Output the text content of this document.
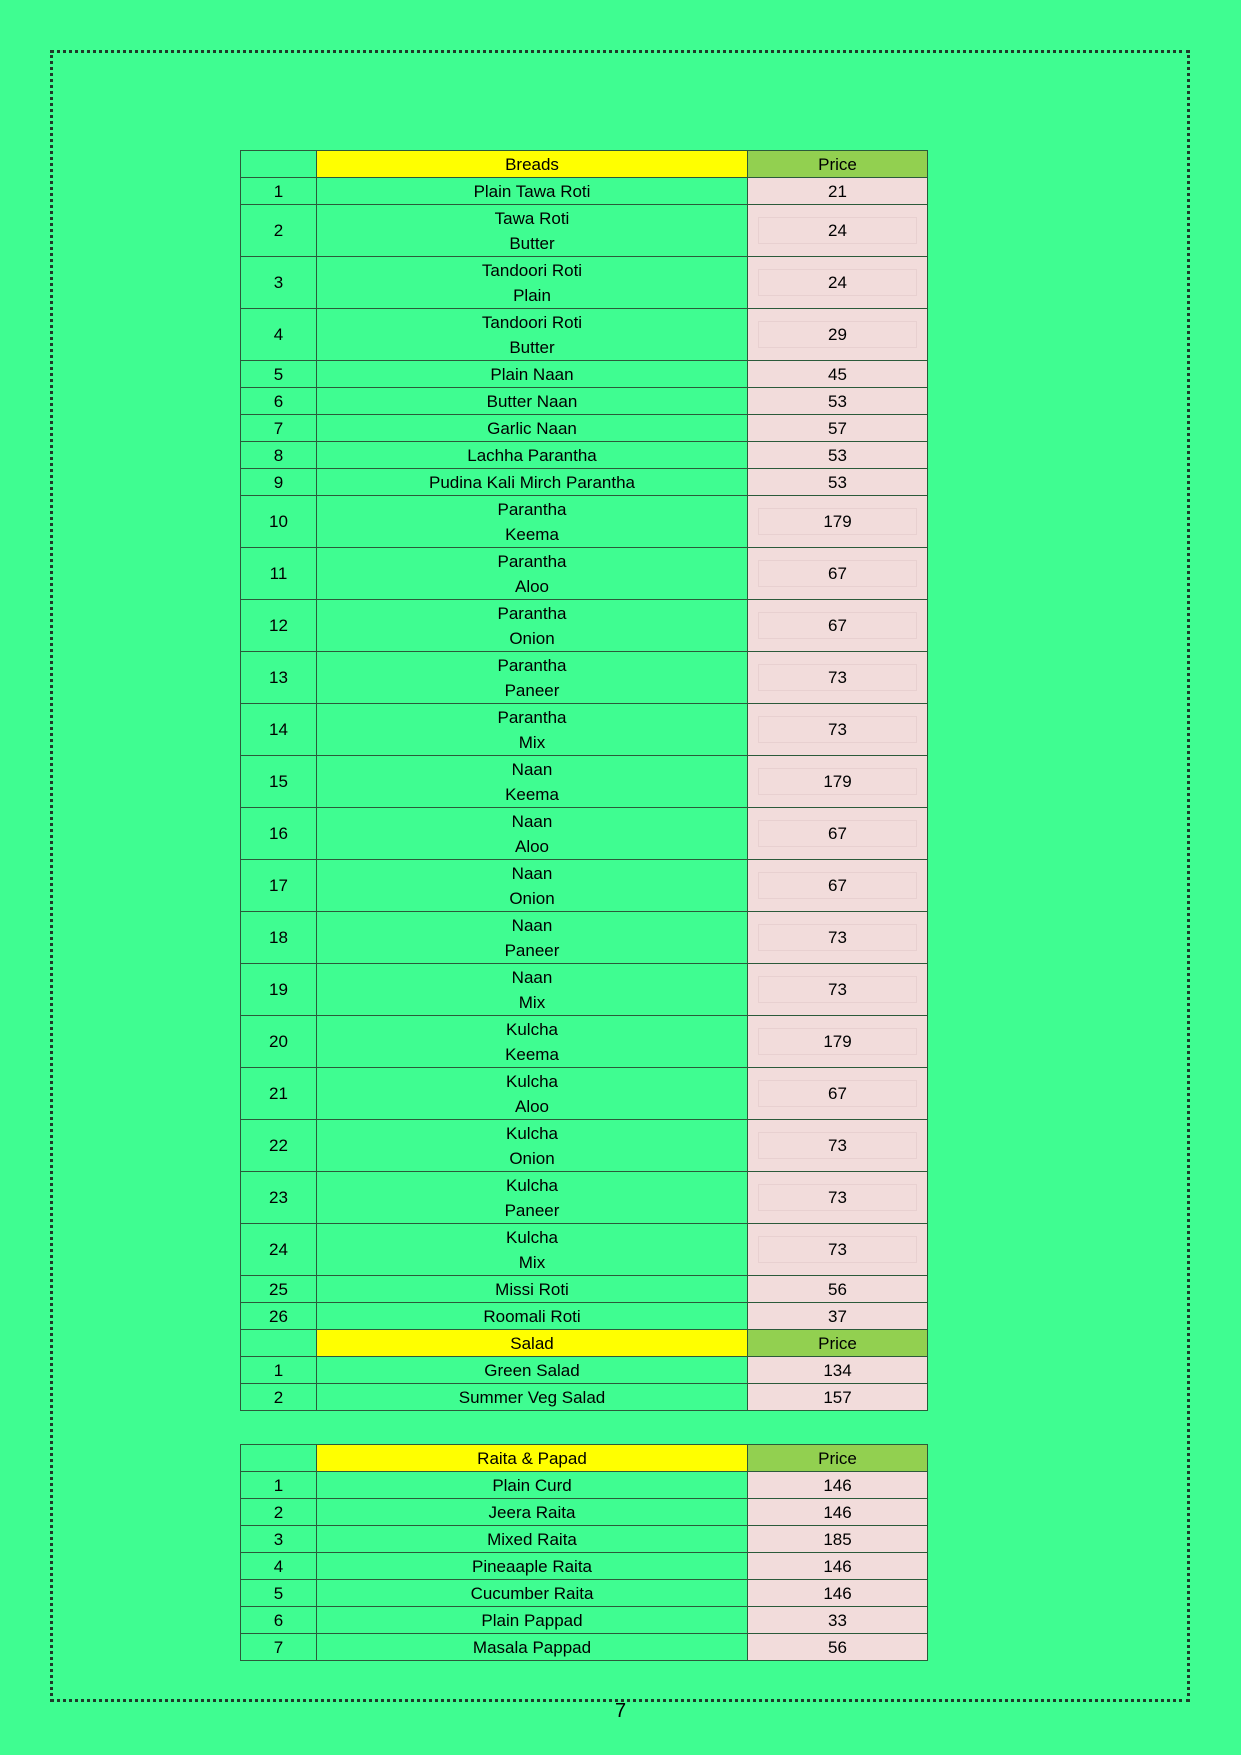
	Breads	Price
1	Plain Tawa Roti	21
2	Tawa Roti
Butter	24

3	Tandoori Roti
Plain	24

4	Tandoori Roti
Butter	29

5	Plain Naan	45
6	Butter Naan	53
7	Garlic Naan	57
8	Lachha Parantha	53
9	Pudina Kali Mirch Parantha	53
10	Parantha
Keema	179

11	Parantha
Aloo	67

12	Parantha
Onion	67

13	Parantha
Paneer	73

14	Parantha
Mix	73

15	Naan
Keema	179

16	Naan
Aloo	67

17	Naan
Onion	67

18	Naan
Paneer	73

19	Naan
Mix	73

20	Kulcha
Keema	179

21	Kulcha
Aloo	67

22	Kulcha
Onion	73

23	Kulcha
Paneer	73

24	Kulcha
Mix	73

25	Missi Roti	56
26	Roomali Roti	37
	Salad	Price
1	Green Salad	134
2	Summer Veg Salad	157
	Raita & Papad	Price
1	Plain Curd	146
2	Jeera Raita	146
3	Mixed Raita	185
4	Pineaaple Raita	146
5	Cucumber Raita	146
6	Plain Pappad	33
7	Masala Pappad	56
7
